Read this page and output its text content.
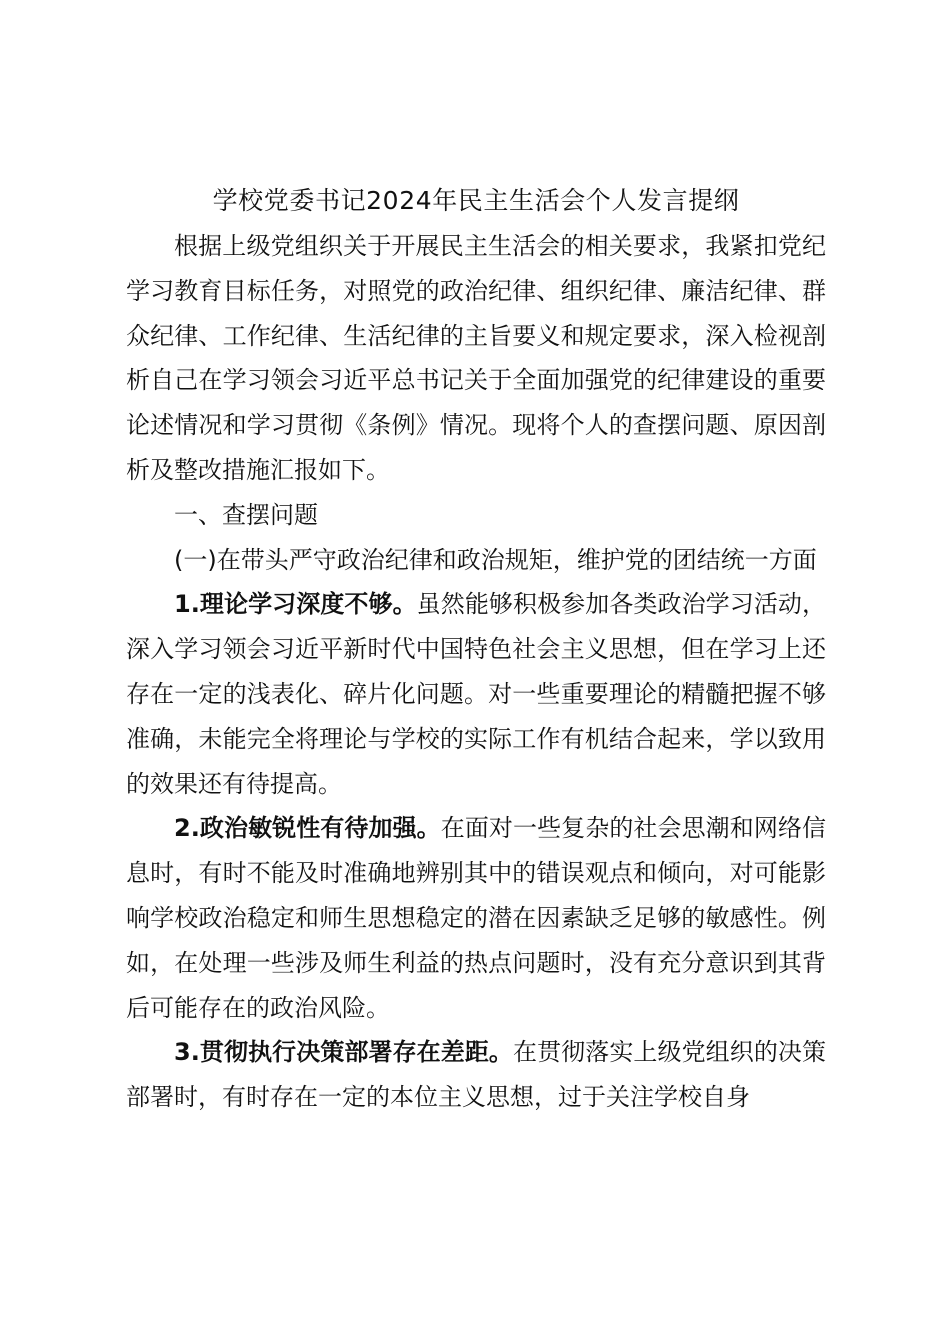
学校党委书记2024年民主生活会个人发言提纲

根据上级党组织关于开展民主生活会的相关要求，我紧扣党纪学习教育目标任务，对照党的政治纪律、组织纪律、廉洁纪律、群众纪律、工作纪律、生活纪律的主旨要义和规定要求，深入检视剖析自己在学习领会习近平总书记关于全面加强党的纪律建设的重要论述情况和学习贯彻《条例》情况。现将个人的查摆问题、原因剖析及整改措施汇报如下。

一、查摆问题

(一)在带头严守政治纪律和政治规矩，维护党的团结统一方面

1.理论学习深度不够。虽然能够积极参加各类政治学习活动，深入学习领会习近平新时代中国特色社会主义思想，但在学习上还存在一定的浅表化、碎片化问题。对一些重要理论的精髓把握不够准确，未能完全将理论与学校的实际工作有机结合起来，学以致用的效果还有待提高。

2.政治敏锐性有待加强。在面对一些复杂的社会思潮和网络信息时，有时不能及时准确地辨别其中的错误观点和倾向，对可能影响学校政治稳定和师生思想稳定的潜在因素缺乏足够的敏感性。例如，在处理一些涉及师生利益的热点问题时，没有充分意识到其背后可能存在的政治风险。

3.贯彻执行决策部署存在差距。在贯彻落实上级党组织的决策部署时，有时存在一定的本位主义思想，过于关注学校自身
